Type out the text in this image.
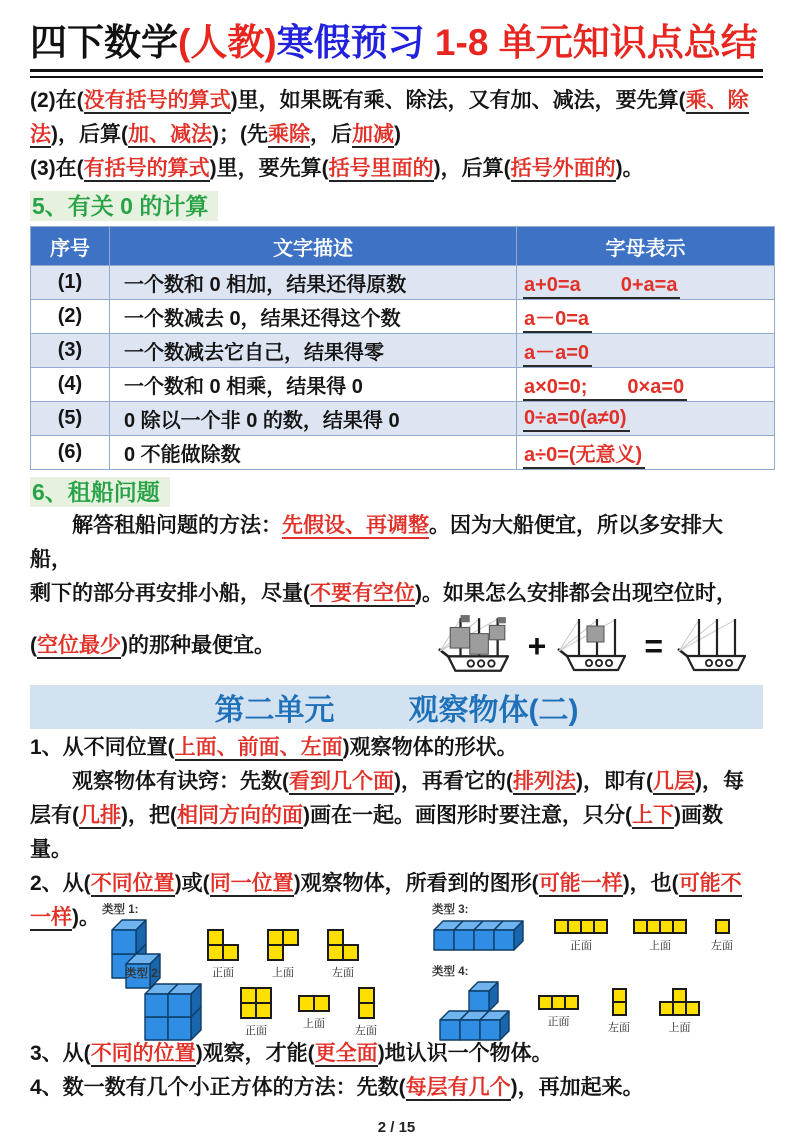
四下数学(人教)寒假预习 1-8 单元知识点总结
(2)在(没有括号的算式)里，如果既有乘、除法，又有加、减法，要先算(乘、除
法)，后算(加、减法)；(先乘除，后加减)
(3)在(有括号的算式)里，要先算(括号里面的)，后算(括号外面的)。
5、有关 0 的计算

序号	文字描述	字母表示
(1)	一个数和 0 相加，结果还得原数	a+0=a　　0+a=a
(2)	一个数减去 0，结果还得这个数	a－0=a
(3)	一个数减去它自己，结果得零	a－a=0
(4)	一个数和 0 相乘，结果得 0	a×0=0;　　0×a=0
(5)	0 除以一个非 0 的数，结果得 0	0÷a=0(a≠0)
(6)	0 不能做除数	a÷0=(无意义)
6、租船问题
解答租船问题的方法：先假设、再调整。因为大船便宜，所以多安排大船，
剩下的部分再安排小船，尽量(不要有空位)。如果怎么安排都会出现空位时，
(空位最少)的那种最便宜。	+	=
第二单元 观察物体(二)
1、从不同位置(上面、前面、左面)观察物体的形状。
观察物体有诀窍：先数(看到几个面)，再看它的(排列法)，即有(几层)，每
层有(几排)，把(相同方向的面)画在一起。画图形时要注意，只分(上下)画数量。
2、从(不同位置)或(同一位置)观察物体，所看到的图形(可能一样)，也(可能不
一样)。 类型 1:
正面	上面	左面
类型 2:
正面
上面
左面
类型 3:
正面	上面	左面
类型 4:
正面
左面	上面
3、从(不同的位置)观察，才能(更全面)地认识一个物体。
4、数一数有几个小正方体的方法：先数(每层有几个)，再加起来。
2 / 15
